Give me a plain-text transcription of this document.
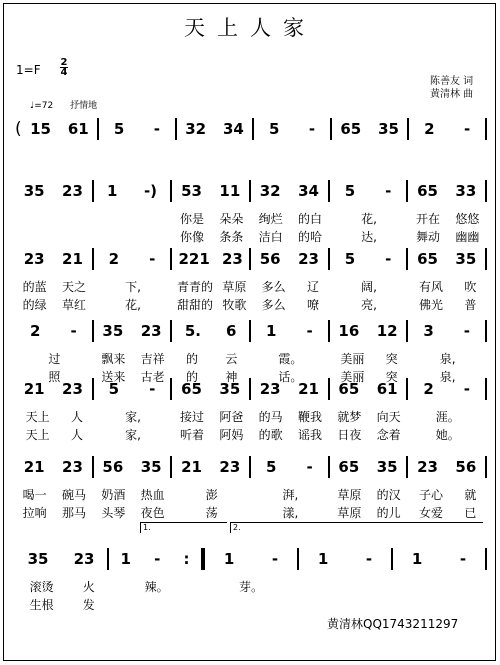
天上人家
1=F
2
4
陈善友 词
黄清林 曲
♩=72 抒情地
( 15 61 5 - 32 34 5 - 65 35 2 -
35 23 1 -) 53 11 32 34 5 - 65 33
你是 朵朵 绚烂 的白	花,	开在 悠悠
你像 条条 洁白 的哈	达,	舞动 幽幽
23 21 2 - 221 23 56 23 5 - 65 35
的蓝 天之	下,	青青的 草原 多么 辽	阔,	有风 吹
的绿 草红	花,	甜甜的 牧歌 多么 嘹	亮,	佛光 普
2 - 35 23 5. 6 1 - 16 12 3 -
过	飘来 吉祥 的 云	霞。	美丽 突	泉,
照	送来 古老 的 神	话。	美丽 突	泉,
21 23 5 - 65 35 23 21 65 61 2 -
天上 人	家,	接过 阿爸 的马 鞭我 就梦 向天	涯。
天上 人	家,	听着 阿妈 的歌 谣我 日夜 念着	她。
21 23 56 35 21 23 5 - 65 35 23 56
喝一 碗马 奶酒 热血	澎	湃,	草原 的汉 子心 就
拉响 那马 头琴 夜色	荡	漾,	草原 的儿 女爱 已
35 23 1 - : 1	-	1	-	1	-
滚烫 火	辣。	芽。
生根 发
1.	2.
黄清林QQ1743211297
